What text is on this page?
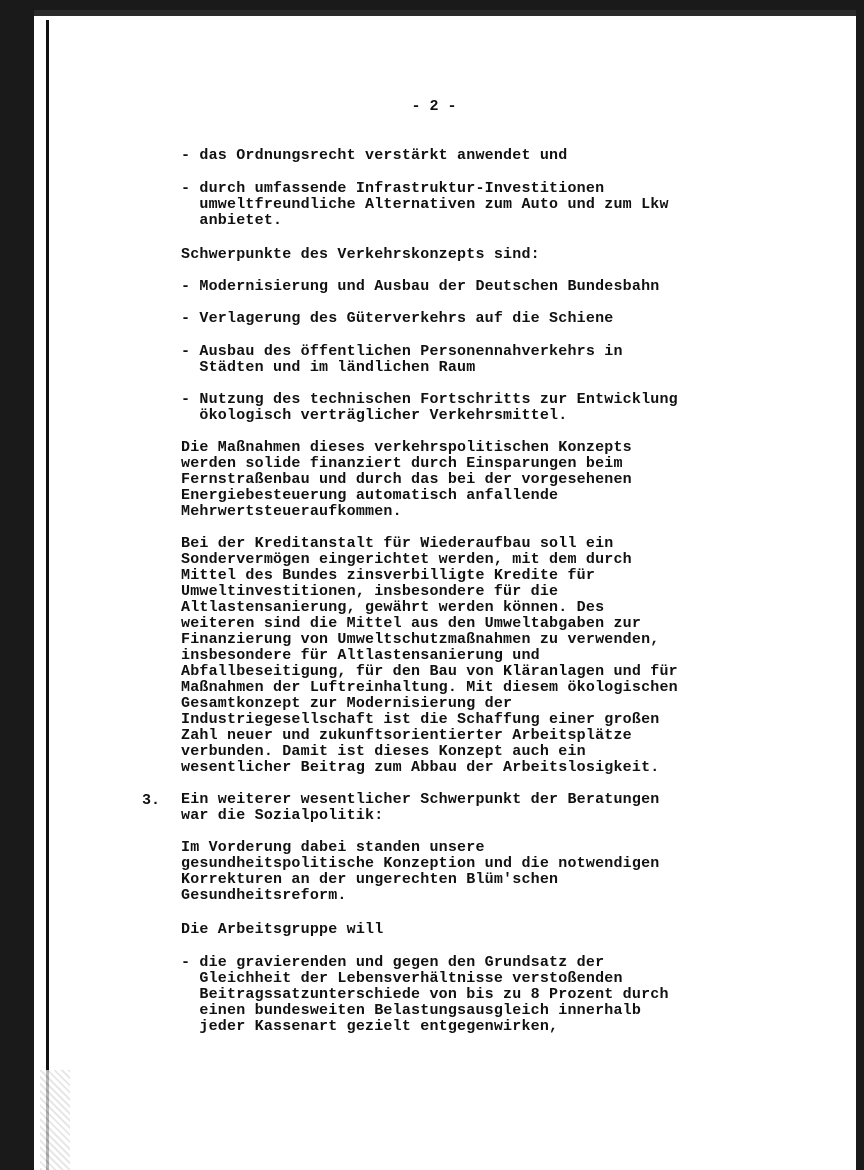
- 2 -
- das Ordnungsrecht verstärkt anwendet und
- durch umfassende Infrastruktur-Investitionen
umweltfreundliche Alternativen zum Auto und zum Lkw
anbietet.
Schwerpunkte des Verkehrskonzepts sind:
- Modernisierung und Ausbau der Deutschen Bundesbahn
- Verlagerung des Güterverkehrs auf die Schiene
- Ausbau des öffentlichen Personennahverkehrs in
Städten und im ländlichen Raum
- Nutzung des technischen Fortschritts zur Entwicklung
ökologisch verträglicher Verkehrsmittel.
Die Maßnahmen dieses verkehrspolitischen Konzepts
werden solide finanziert durch Einsparungen beim
Fernstraßenbau und durch das bei der vorgesehenen
Energiebesteuerung automatisch anfallende
Mehrwertsteueraufkommen.
Bei der Kreditanstalt für Wiederaufbau soll ein
Sondervermögen eingerichtet werden, mit dem durch
Mittel des Bundes zinsverbilligte Kredite für
Umweltinvestitionen, insbesondere für die
Altlastensanierung, gewährt werden können. Des
weiteren sind die Mittel aus den Umweltabgaben zur
Finanzierung von Umweltschutzmaßnahmen zu verwenden,
insbesondere für Altlastensanierung und
Abfallbeseitigung, für den Bau von Kläranlagen und für
Maßnahmen der Luftreinhaltung. Mit diesem ökologischen
Gesamtkonzept zur Modernisierung der
Industriegesellschaft ist die Schaffung einer großen
Zahl neuer und zukunftsorientierter Arbeitsplätze
verbunden. Damit ist dieses Konzept auch ein
wesentlicher Beitrag zum Abbau der Arbeitslosigkeit.
3. Ein weiterer wesentlicher Schwerpunkt der Beratungen
war die Sozialpolitik:
Im Vorderung dabei standen unsere
gesundheitspolitische Konzeption und die notwendigen
Korrekturen an der ungerechten Blüm'schen
Gesundheitsreform.
Die Arbeitsgruppe will
- die gravierenden und gegen den Grundsatz der
Gleichheit der Lebensverhältnisse verstoßenden
Beitragssatzunterschiede von bis zu 8 Prozent durch
einen bundesweiten Belastungsausgleich innerhalb
jeder Kassenart gezielt entgegenwirken,
